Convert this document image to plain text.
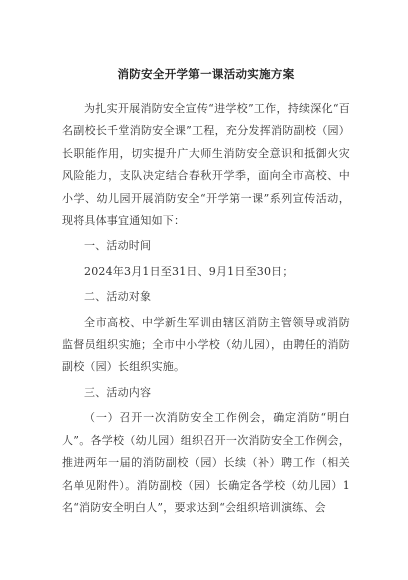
消防安全开学第一课活动实施方案

为扎实开展消防安全宣传“进学校”工作，持续深化“百名副校长千堂消防安全课”工程，充分发挥消防副校（园）长职能作用，切实提升广大师生消防安全意识和抵御火灾风险能力，支队决定结合春秋开学季，面向全市高校、中小学、幼儿园开展消防安全“开学第一课”系列宣传活动，现将具体事宜通知如下：

一、活动时间

2024年3月1日至31日、9月1日至30日；

二、活动对象

全市高校、中学新生军训由辖区消防主管领导或消防监督员组织实施；全市中小学校（幼儿园），由聘任的消防副校（园）长组织实施。

三、活动内容

（一）召开一次消防安全工作例会，确定消防“明白人”。各学校（幼儿园）组织召开一次消防安全工作例会，推进两年一届的消防副校（园）长续（补）聘工作（相关名单见附件）。消防副校（园）长确定各学校（幼儿园）1名“消防安全明白人”，要求达到“会组织培训演练、会
